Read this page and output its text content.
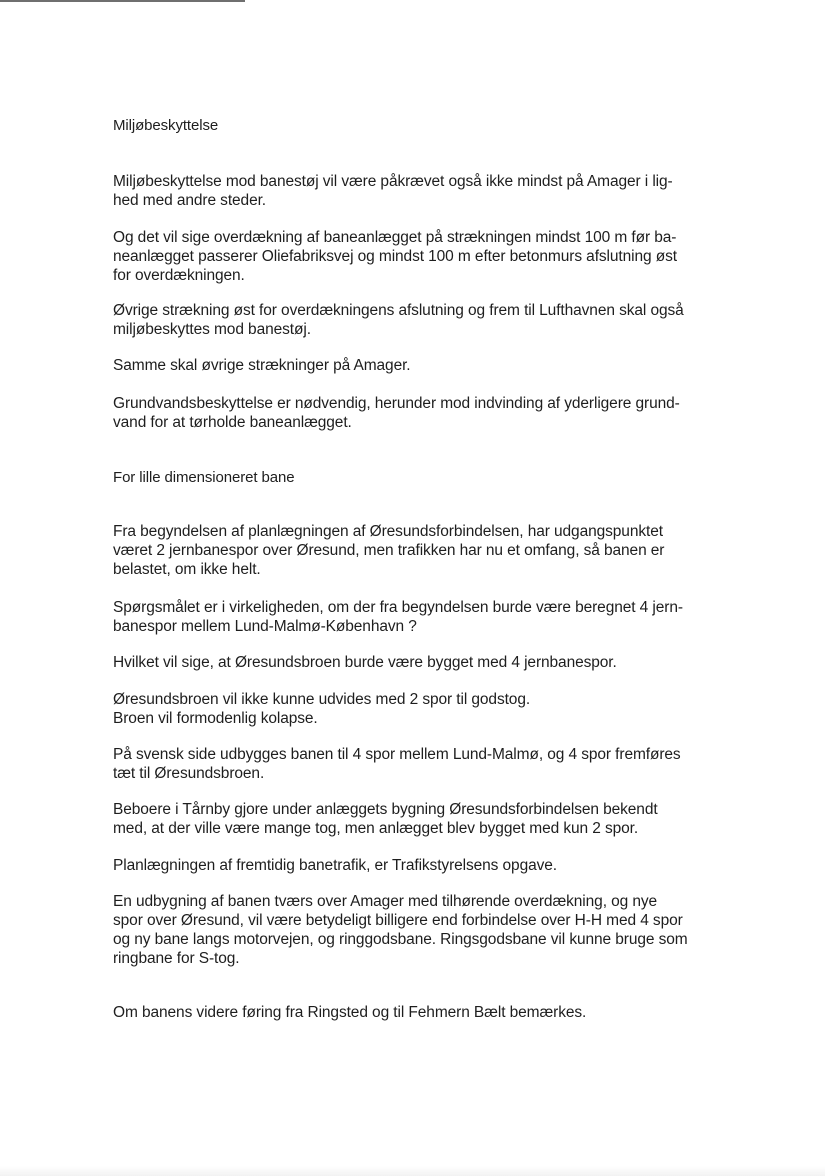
Miljøbeskyttelse

Miljøbeskyttelse mod banestøj vil være påkrævet også ikke mindst på Amager i lig-
hed med andre steder.

Og det vil sige overdækning af baneanlægget på strækningen mindst 100 m før ba-
neanlægget passerer Oliefabriksvej og mindst 100 m efter betonmurs afslutning øst
for overdækningen.

Øvrige strækning øst for overdækningens afslutning og frem til Lufthavnen skal også
miljøbeskyttes mod banestøj.

Samme skal øvrige strækninger på Amager.

Grundvandsbeskyttelse er nødvendig, herunder mod indvinding af yderligere grund-
vand for at tørholde baneanlægget.

For lille dimensioneret bane

Fra begyndelsen af planlægningen af Øresundsforbindelsen, har udgangspunktet
været 2 jernbanespor over Øresund, men trafikken har nu et omfang, så banen er
belastet, om ikke helt.

Spørgsmålet er i virkeligheden, om der fra begyndelsen burde være beregnet 4 jern-
banespor mellem Lund-Malmø-København ?

Hvilket vil sige, at Øresundsbroen burde være bygget med 4 jernbanespor.

Øresundsbroen vil ikke kunne udvides med 2 spor til godstog.
Broen vil formodenlig kolapse.

På svensk side udbygges banen til 4 spor mellem Lund-Malmø, og 4 spor fremføres
tæt til Øresundsbroen.

Beboere i Tårnby gjore under anlæggets bygning Øresundsforbindelsen bekendt
med, at der ville være mange tog, men anlægget blev bygget med kun 2 spor.

Planlægningen af fremtidig banetrafik, er Trafikstyrelsens opgave.

En udbygning af banen tværs over Amager med tilhørende overdækning, og nye
spor over Øresund, vil være betydeligt billigere end forbindelse over H-H med 4 spor
og ny bane langs motorvejen, og ringgodsbane. Ringsgodsbane vil kunne bruge som
ringbane for S-tog.

Om banens videre føring fra Ringsted og til Fehmern Bælt bemærkes.
